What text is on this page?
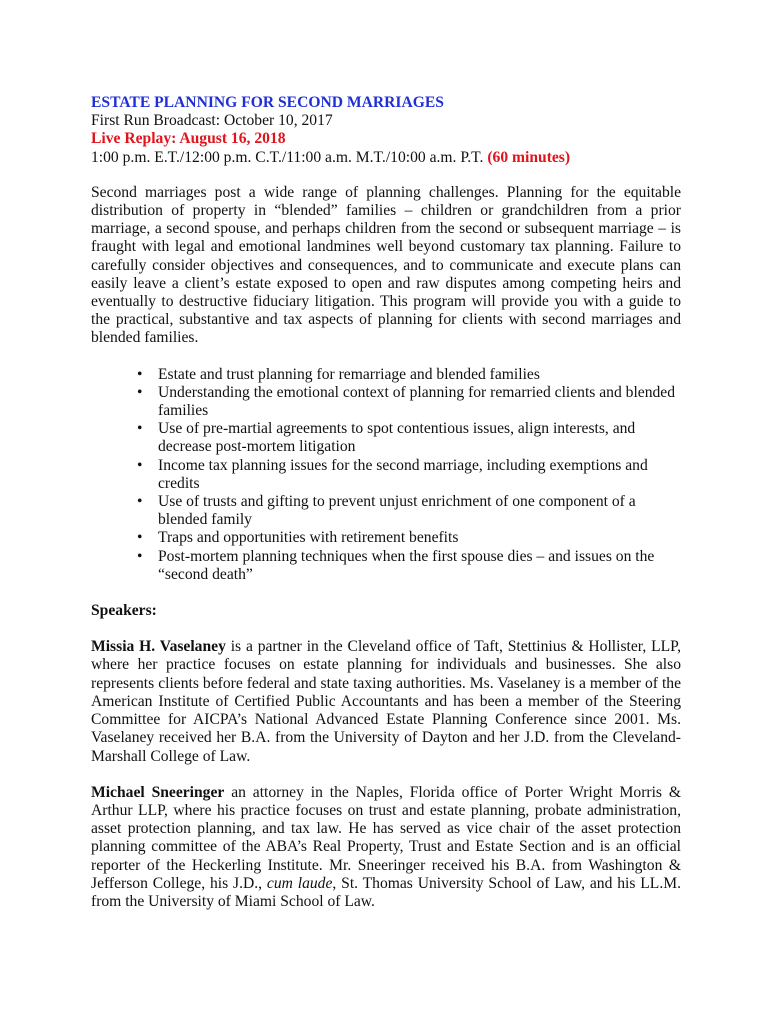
ESTATE PLANNING FOR SECOND MARRIAGES
First Run Broadcast: October 10, 2017
Live Replay: August 16, 2018
1:00 p.m. E.T./12:00 p.m. C.T./11:00 a.m. M.T./10:00 a.m. P.T. (60 minutes)

Second marriages post a wide range of planning challenges. Planning for the equitable distribution of property in “blended” families – children or grandchildren from a prior marriage, a second spouse, and perhaps children from the second or subsequent marriage – is fraught with legal and emotional landmines well beyond customary tax planning. Failure to carefully consider objectives and consequences, and to communicate and execute plans can easily leave a client’s estate exposed to open and raw disputes among competing heirs and eventually to destructive fiduciary litigation. This program will provide you with a guide to the practical, substantive and tax aspects of planning for clients with second marriages and blended families.

• Estate and trust planning for remarriage and blended families
• Understanding the emotional context of planning for remarried clients and blended families
• Use of pre-martial agreements to spot contentious issues, align interests, and decrease post-mortem litigation
• Income tax planning issues for the second marriage, including exemptions and credits
• Use of trusts and gifting to prevent unjust enrichment of one component of a blended family
• Traps and opportunities with retirement benefits
• Post-mortem planning techniques when the first spouse dies – and issues on the “second death”
Speakers:

Missia H. Vaselaney is a partner in the Cleveland office of Taft, Stettinius & Hollister, LLP, where her practice focuses on estate planning for individuals and businesses. She also represents clients before federal and state taxing authorities. Ms. Vaselaney is a member of the American Institute of Certified Public Accountants and has been a member of the Steering Committee for AICPA’s National Advanced Estate Planning Conference since 2001. Ms. Vaselaney received her B.A. from the University of Dayton and her J.D. from the Cleveland-Marshall College of Law.

Michael Sneeringer an attorney in the Naples, Florida office of Porter Wright Morris & Arthur LLP, where his practice focuses on trust and estate planning, probate administration, asset protection planning, and tax law. He has served as vice chair of the asset protection planning committee of the ABA’s Real Property, Trust and Estate Section and is an official reporter of the Heckerling Institute. Mr. Sneeringer received his B.A. from Washington & Jefferson College, his J.D., cum laude, St. Thomas University School of Law, and his LL.M. from the University of Miami School of Law.
